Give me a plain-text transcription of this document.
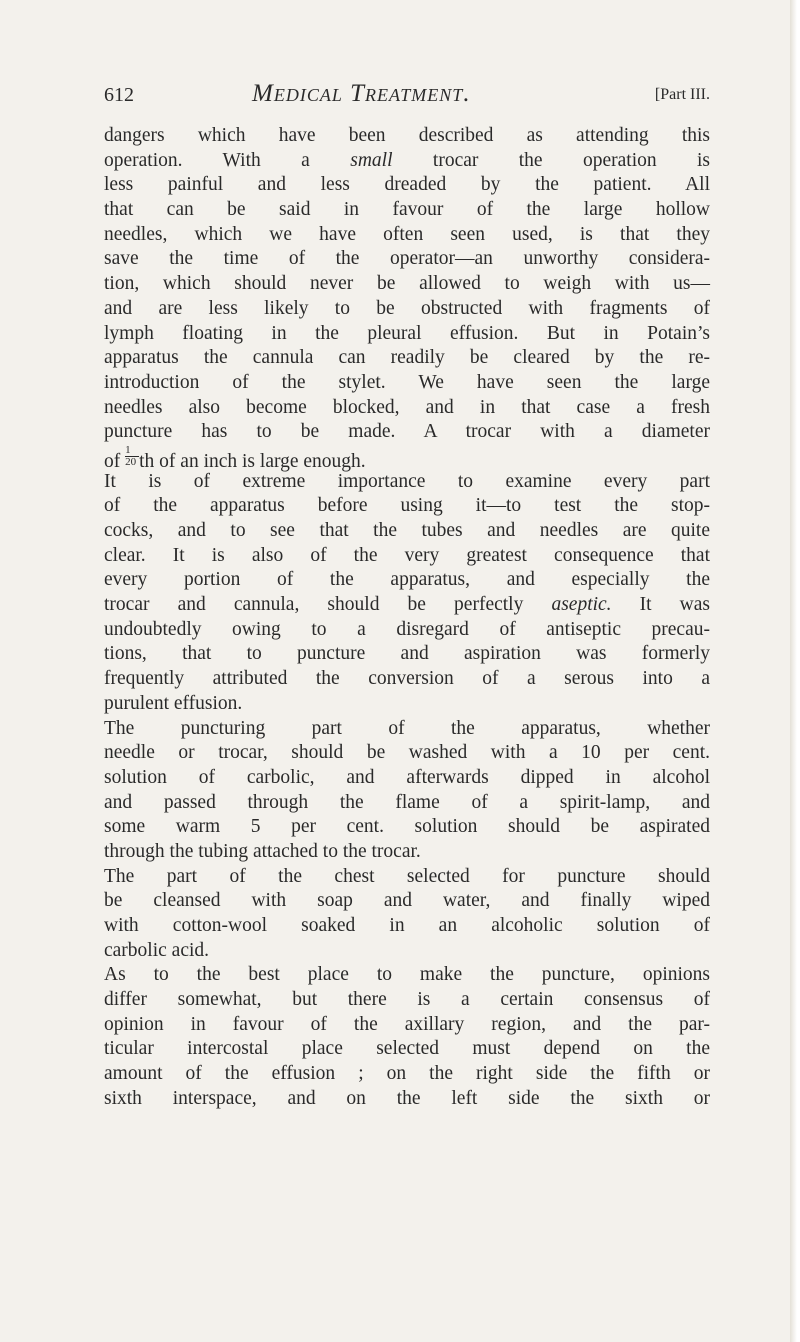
612	Medical Treatment.	[Part III.
dangers which have been described as attending this
operation. With a small trocar the operation is
less painful and less dreaded by the patient. All
that can be said in favour of the large hollow
needles, which we have often seen used, is that they
save the time of the operator—an unworthy considera-
tion, which should never be allowed to weigh with us—
and are less likely to be obstructed with fragments of
lymph floating in the pleural effusion. But in Potain’s
apparatus the cannula can readily be cleared by the re-
introduction of the stylet. We have seen the large
needles also become blocked, and in that case a fresh
puncture has to be made. A trocar with a diameter
of $\frac{1}{20}$ th of an inch is large enough.
It is of extreme importance to examine every part
of the apparatus before using it—to test the stop-
cocks, and to see that the tubes and needles are quite
clear. It is also of the very greatest consequence that
every portion of the apparatus, and especially the
trocar and cannula, should be perfectly aseptic. It was
undoubtedly owing to a disregard of antiseptic precau-
tions, that to puncture and aspiration was formerly
frequently attributed the conversion of a serous into a
purulent effusion.
The puncturing part of the apparatus, whether
needle or trocar, should be washed with a 10 per cent.
solution of carbolic, and afterwards dipped in alcohol
and passed through the flame of a spirit-lamp, and
some warm 5 per cent. solution should be aspirated
through the tubing attached to the trocar.
The part of the chest selected for puncture should
be cleansed with soap and water, and finally wiped
with cotton-wool soaked in an alcoholic solution of
carbolic acid.
As to the best place to make the puncture, opinions
differ somewhat, but there is a certain consensus of
opinion in favour of the axillary region, and the par-
ticular intercostal place selected must depend on the
amount of the effusion ; on the right side the fifth or
sixth interspace, and on the left side the sixth or
